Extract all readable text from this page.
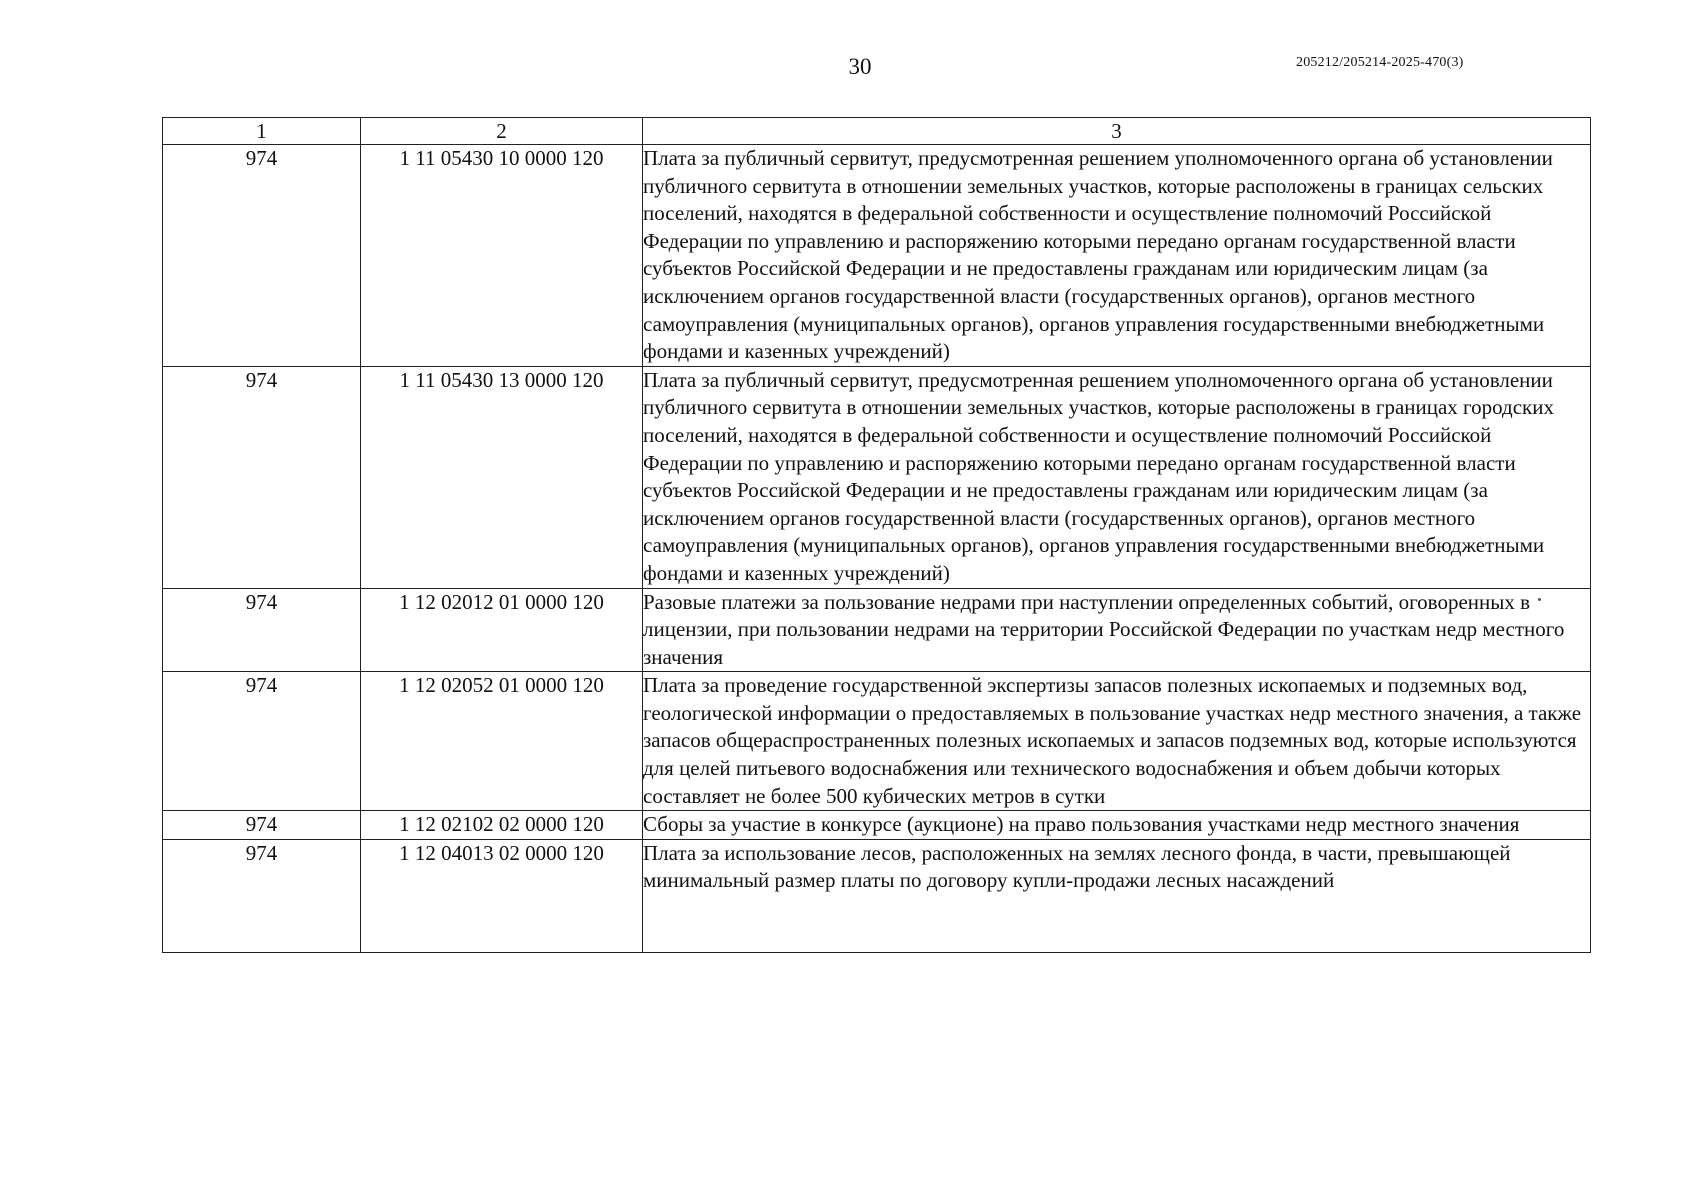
30	205212/205214-2025-470(3)
1	2	3
974	1 11 05430 10 0000 120	Плата за публичный сервитут, предусмотренная решением уполномоченного органа об установлении публичного сервитута в отношении земельных участков, которые расположены в границах сельских поселений, находятся в федеральной собственности и осуществление полномочий Российской Федерации по управлению и распоряжению которыми передано органам государственной власти субъектов Российской Федерации и не предоставлены гражданам или юридическим лицам (за исключением органов государственной власти (государственных органов), органов местного самоуправления (муниципальных органов), органов управления государственными внебюджетными фондами и казенных учреждений)
974	1 11 05430 13 0000 120	Плата за публичный сервитут, предусмотренная решением уполномоченного органа об установлении публичного сервитута в отношении земельных участков, которые расположены в границах городских поселений, находятся в федеральной собственности и осуществление полномочий Российской Федерации по управлению и распоряжению которыми передано органам государственной власти субъектов Российской Федерации и не предоставлены гражданам или юридическим лицам (за исключением органов государственной власти (государственных органов), органов местного самоуправления (муниципальных органов), органов управления государственными внебюджетными фондами и казенных учреждений)
974	1 12 02012 01 0000 120	Разовые платежи за пользование недрами при наступлении определенных событий, оговоренных в лицензии, при пользовании недрами на территории Российской Федерации по участкам недр местного значения
974	1 12 02052 01 0000 120	Плата за проведение государственной экспертизы запасов полезных ископаемых и подземных вод, геологической информации о предоставляемых в пользование участках недр местного значения, а также запасов общераспространенных полезных ископаемых и запасов подземных вод, которые используются для целей питьевого водоснабжения или технического водоснабжения и объем добычи которых составляет не более 500 кубических метров в сутки
974	1 12 02102 02 0000 120	Сборы за участие в конкурсе (аукционе) на право пользования участками недр местного значения
974	1 12 04013 02 0000 120	Плата за использование лесов, расположенных на землях лесного фонда, в части, превышающей минимальный размер платы по договору купли-продажи лесных насаждений
